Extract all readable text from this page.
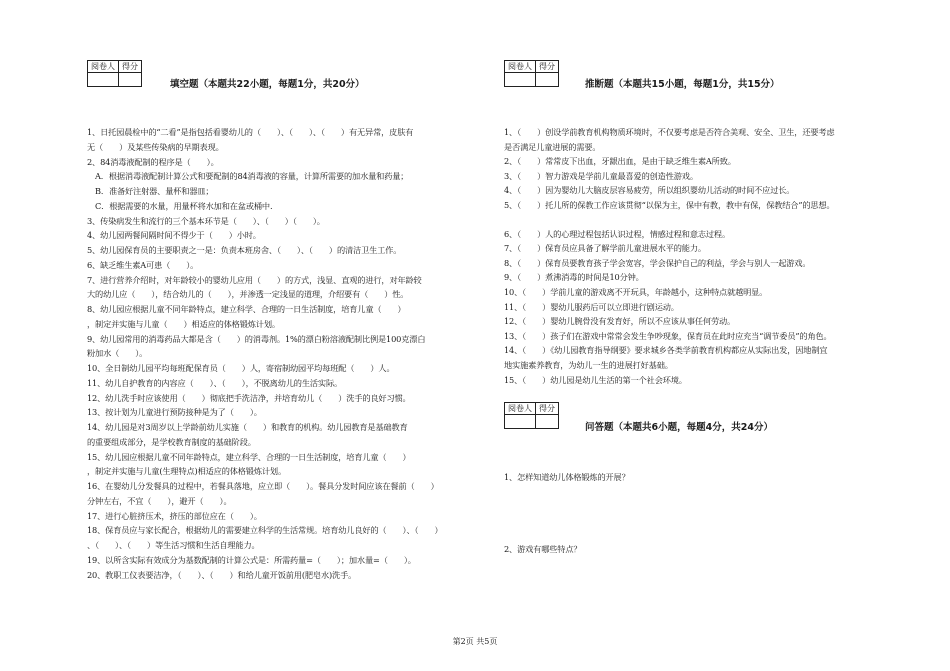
阅卷人	得分

填空题（本题共22小题，每题1分，共20分）
1、日托园晨检中的“二看”是指包括看婴幼儿的（　　）、（　　）、（　　）有无异常，皮肤有
无（　　）及某些传染病的早期表现。
2、84消毒液配制的程序是（　　）。
　A．根据消毒液配制计算公式和要配制的84消毒液的容量，计算所需要的加水量和药量；
　B．准备好注射器、量杯和器皿；
　C．根据需要的水量，用量杯将水加和在盆或桶中.
3、传染病发生和流行的三个基本环节是（　　）、（　　）（　　）。
4、幼儿园两餐间隔时间不得少于（　　）小时。
5、幼儿园保育员的主要职责之一是：负责本班房舍、（　　）、（　　）的清洁卫生工作。
6、缺乏维生素A可患（　　）。
7、进行营养介绍时，对年龄较小的婴幼儿应用（　　）的方式，浅显、直观的进行，对年龄较
大的幼儿应（　　），结合幼儿的（　　），并渗透一定浅显的道理，介绍要有（　　）性。
8、幼儿园应根据儿童不同年龄特点，建立科学、合理的一日生活制度，培育儿童（　　）
，制定并实施与儿童（　　）相适应的体格锻炼计划。
9、幼儿园常用的消毒药品大都是含（　　）的消毒剂。1%的漂白粉溶液配制比例是100克漂白
粉加水（　　）。
10、全日制幼儿园平均每班配保育员（　　）人，寄宿制幼园平均每班配（　　）人。
11、幼儿自护教育的内容应（　　）、（　　），不脱离幼儿的生活实际。
12、幼儿洗手时应该使用（　　）彻底把手洗洁净，并培育幼儿（　　）洗手的良好习惯。
13、按计划为儿童进行预防接种是为了（　　）。
14、幼儿园是对3周岁以上学龄前幼儿实施（　　）和教育的机构。幼儿园教育是基础教育
的重要组成部分，是学校教育制度的基础阶段。
15、幼儿园应根据儿童不同年龄特点，建立科学、合理的一日生活制度，培育儿童（　　）
，制定并实施与儿童(生理特点)相适应的体格锻炼计划。
16、在婴幼儿分发餐具的过程中，若餐具落地，应立即（　　）。餐具分发时间应该在餐前（　　）
分钟左右，不宜（　　），避开（　　）。
17、进行心脏挤压术，挤压的部位应在（　　）。
18、保育员应与家长配合，根据幼儿的需要建立科学的生活常规。培育幼儿良好的（　　）、（　　）
、（　　）、（　　）等生活习惯和生活自理能力。
19、以所含实际有效成分为基数配制的计算公式是：所需药量=（　　）；加水量=（　　）。
20、教职工仪表要洁净，（　　）、（　　）和给儿童开饭前用(肥皂水)洗手。
阅卷人	得分

推断题（本题共15小题，每题1分，共15分）
1、（　　）创设学前教育机构物质环境时，不仅要考虑是否符合美观、安全、卫生，还要考虑
是否满足儿童进展的需要。
2、（　　）常常皮下出血，牙龈出血，是由于缺乏维生素A所致。
3、（　　）智力游戏是学前儿童最喜爱的创造性游戏。
4、（　　）因为婴幼儿大脑皮层容易疲劳，所以组织婴幼儿活动的时间不应过长。
5、（　　）托儿所的保教工作应该贯彻“以保为主，保中有教，教中有保，保教结合”的思想。
6、（　　）人的心理过程包括认识过程，情感过程和意志过程。
7、（　　）保育员应具备了解学前儿童进展水平的能力。
8、（　　）保育员要教育孩子学会宽容，学会保护自己的利益，学会与别人一起游戏。
9、（　　）煮沸消毒的时间是10分钟。
10、（　　）学前儿童的游戏离不开玩具，年龄越小，这种特点就越明显。
11、（　　）婴幼儿服药后可以立即进行剧运动。
12、（　　）婴幼儿腕骨没有发育好，所以不应该从事任何劳动。
13、（　　）孩子们在游戏中常常会发生争吵现象，保育员在此时应充当“调节委员”的角色。
14、（　　）《幼儿园教育指导纲要》要求城乡各类学前教育机构都应从实际出发，因地制宜
地实施素养教育，为幼儿一生的进展打好基础。
15、（　　）幼儿园是幼儿生活的第一个社会环境。
阅卷人	得分

问答题（本题共6小题，每题4分，共24分）
1、怎样知道幼儿体格锻炼的开展？
2、游戏有哪些特点？
第2页 共5页
